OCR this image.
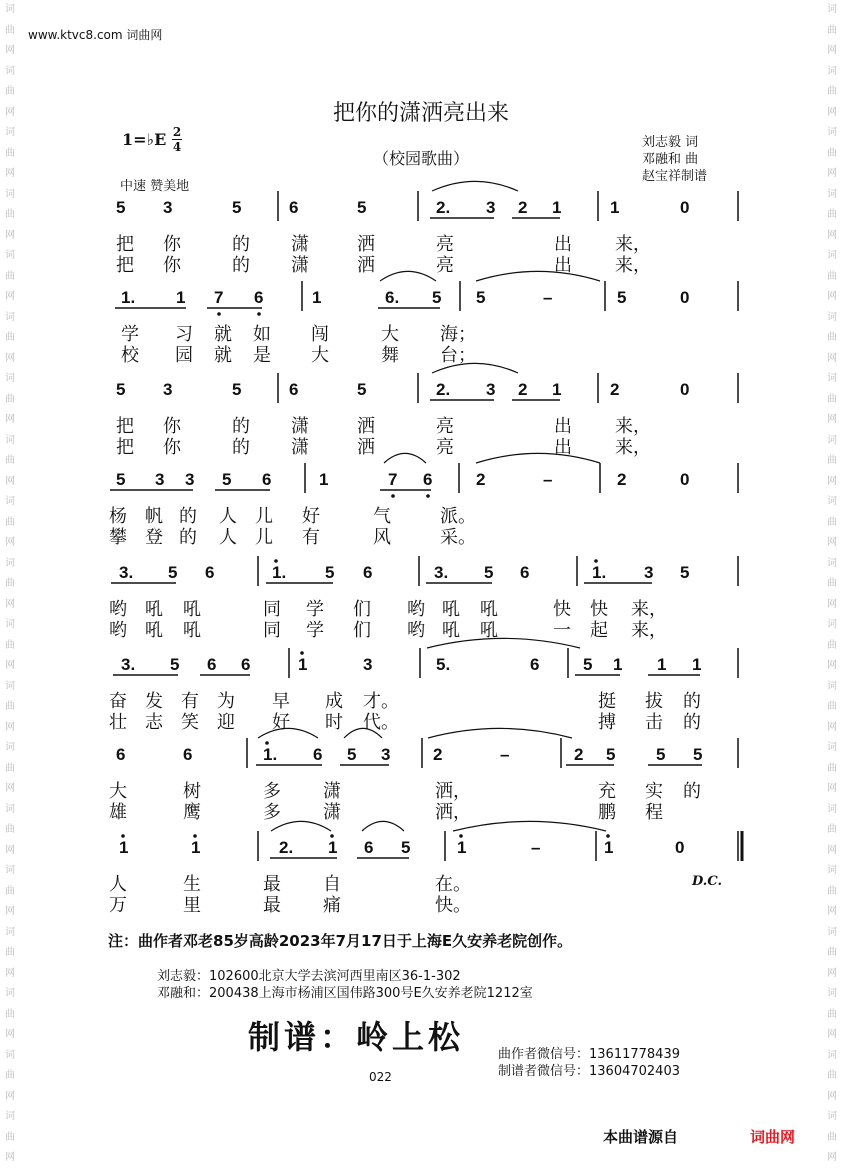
词曲网词曲网词曲网词曲网词曲网词曲网词曲网词曲网词曲网词曲网词曲网词曲网词曲网词曲网词曲网词曲网词曲网词曲网词曲网
词曲网词曲网词曲网词曲网词曲网词曲网词曲网词曲网词曲网词曲网词曲网词曲网词曲网词曲网词曲网词曲网词曲网词曲网词曲网
www.ktvc8.com 词曲网
把你的潇洒亮出来
（校园歌曲）
1=♭E 2
4
中速 赞美地
刘志毅 词
邓融和 曲
赵宝祥制谱
5 3	5	6	5	2. 3 2 1	1	0
把 你	的 潇	洒	亮	出 来，
把 你	的 潇	洒	亮	出 来，
1. 1 7 6	1	6. 5 5	–	5	0
学 习 就 如 闯	大 海；
校 园 就 是 大	舞 台；
5 3	5	6	5	2. 3 2 1	2	0
把 你	的 潇	洒	亮	出 来，
把 你	的 潇	洒	亮	出 来，
5 3 3 5 6	1	7 6	2	–	2	0
杨 帆 的 人 儿 好	气	派。
攀 登 的 人 儿 有	风	采。
3. 5 6	1. 5 6	3. 5 6	1. 3 5
哟 吼 吼	同 学 们 哟 吼 吼	快 快 来，
哟 吼 吼	同 学 们 哟 吼 吼	一 起 来，
3. 5 6 6	1	3	5.	6	5 1 1 1
奋 发 有 为 早 成 才。	挺 拔 的
壮 志 笑 迎 好 时 代。	搏 击 的
6	6	1. 6 5 3	2	–	2 5 5 5
大	树	多 潇	洒，	充 实 的
雄	鹰	多 潇	洒，	鹏 程
1	1	2. 1 6 5	1	–	1	0
人	生	最 自	在。
万	里	最 痛	快。
D.C.
注：曲作者邓老85岁高龄2023年7月17日于上海E久安养老院创作。
刘志毅：102600北京大学去滨河西里南区36-1-302
邓融和：200438上海市杨浦区国伟路300号E久安养老院1212室
制谱：岭上松	曲作者微信号：13611778439
制谱者微信号：13604702403
022
本曲谱源自	词曲网
